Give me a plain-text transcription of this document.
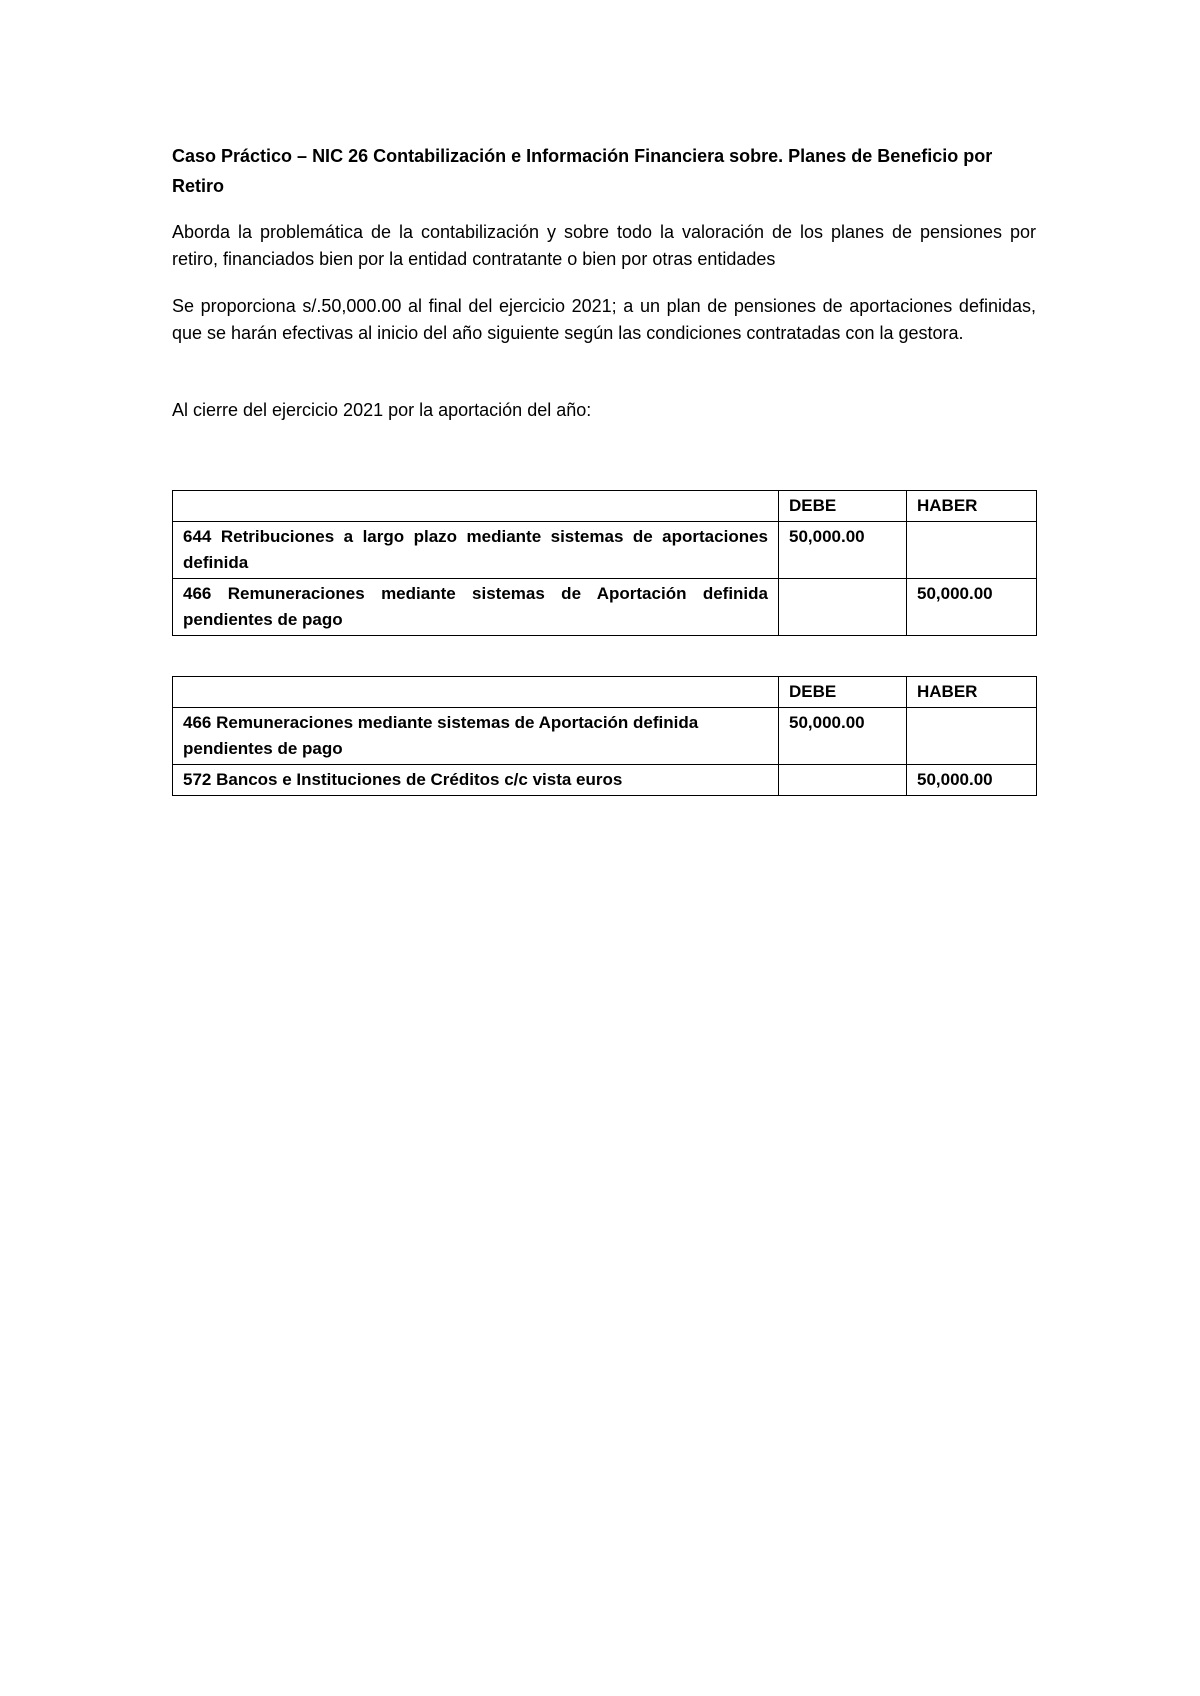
Caso Práctico – NIC 26 Contabilización e Información Financiera sobre. Planes de Beneficio por Retiro

Aborda la problemática de la contabilización y sobre todo la valoración de los planes de pensiones por retiro, financiados bien por la entidad contratante o bien por otras entidades

Se proporciona s/.50,000.00 al final del ejercicio 2021; a un plan de pensiones de aportaciones definidas, que se harán efectivas al inicio del año siguiente según las condiciones contratadas con la gestora.

Al cierre del ejercicio 2021 por la aportación del año:

	DEBE	HABER
644 Retribuciones a largo plazo mediante sistemas de aportaciones definida	50,000.00	
466 Remuneraciones mediante sistemas de Aportación definida pendientes de pago		50,000.00
	DEBE	HABER
466 Remuneraciones mediante sistemas de Aportación definida pendientes de pago	50,000.00	
572 Bancos e Instituciones de Créditos c/c vista euros		50,000.00
